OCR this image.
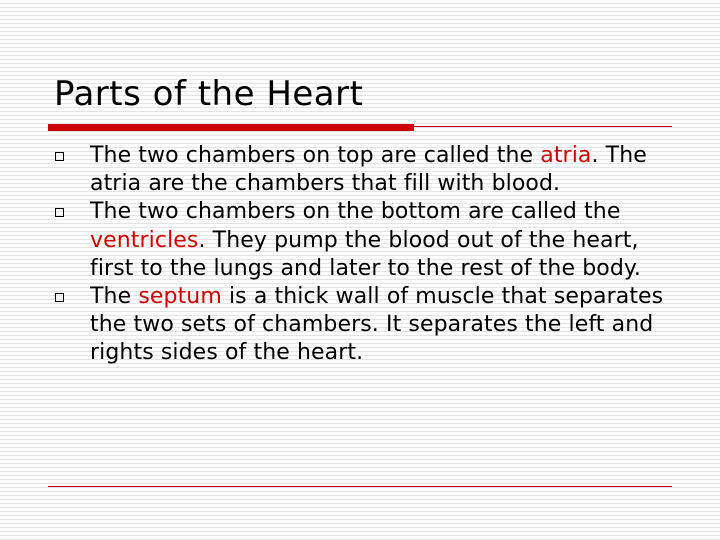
Parts of the Heart
The two chambers on top are called the atria. The atria are the chambers that fill with blood.
The two chambers on the bottom are called the ventricles. They pump the blood out of the heart, first to the lungs and later to the rest of the body.
The septum is a thick wall of muscle that separates the two sets of chambers. It separates the left and rights sides of the heart.
